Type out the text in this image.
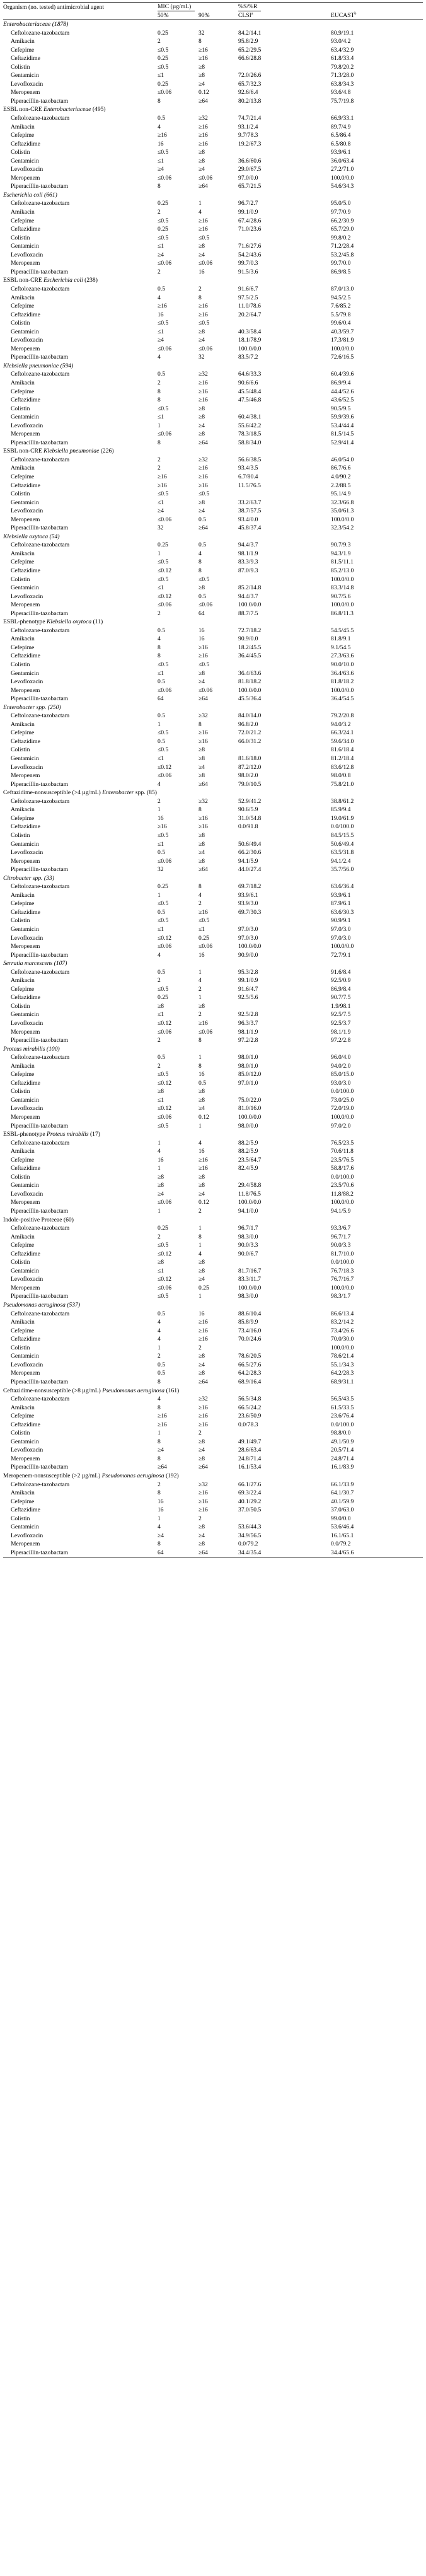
Organism (no. tested) antimicrobial agent	MIC (µg/mL)		%S/%R	
	50%	90%	CLSI$^a$	EUCAST$^b$
Enterobacteriaceae (1878)				
Ceftolozane-tazobactam	0.25	32	84.2/14.1	80.9/19.1
Amikacin	2	8	95.8/2.9	93.0/4.2
Cefepime	≤0.5	≥16	65.2/29.5	63.4/32.9
Ceftazidime	0.25	≥16	66.6/28.8	61.8/33.4
Colistin	≤0.5	≥8		79.8/20.2
Gentamicin	≤1	≥8	72.0/26.6	71.3/28.0
Levofloxacin	0.25	≥4	65.7/32.3	63.8/34.3
Meropenem	≤0.06	0.12	92.6/6.4	93.6/4.8
Piperacillin-tazobactam	8	≥64	80.2/13.8	75.7/19.8
ESBL non-CRE Enterobacteriaceae (495)				
Ceftolozane-tazobactam	0.5	≥32	74.7/21.4	66.9/33.1
Amikacin	4	≥16	93.1/2.4	89.7/4.9
Cefepime	≥16	≥16	9.7/78.3	6.5/86.4
Ceftazidime	16	≥16	19.2/67.3	6.5/80.8
Colistin	≤0.5	≥8		93.9/6.1
Gentamicin	≤1	≥8	36.6/60.6	36.0/63.4
Levofloxacin	≥4	≥4	29.0/67.5	27.2/71.0
Meropenem	≤0.06	≤0.06	97.0/0.0	100.0/0.0
Piperacillin-tazobactam	8	≥64	65.7/21.5	54.6/34.3
Escherichia coli (661)				
Ceftolozane-tazobactam	0.25	1	96.7/2.7	95.0/5.0
Amikacin	2	4	99.1/0.9	97.7/0.9
Cefepime	≤0.5	≥16	67.4/28.6	66.2/30.9
Ceftazidime	0.25	≥16	71.0/23.6	65.7/29.0
Colistin	≤0.5	≤0.5		99.8/0.2
Gentamicin	≤1	≥8	71.6/27.6	71.2/28.4
Levofloxacin	≥4	≥4	54.2/43.6	53.2/45.8
Meropenem	≤0.06	≤0.06	99.7/0.3	99.7/0.0
Piperacillin-tazobactam	2	16	91.5/3.6	86.9/8.5
ESBL non-CRE Escherichia coli (238)				
Ceftolozane-tazobactam	0.5	2	91.6/6.7	87.0/13.0
Amikacin	4	8	97.5/2.5	94.5/2.5
Cefepime	≥16	≥16	11.0/78.6	7.6/85.2
Ceftazidime	16	≥16	20.2/64.7	5.5/79.8
Colistin	≤0.5	≤0.5		99.6/0.4
Gentamicin	≤1	≥8	40.3/58.4	40.3/59.7
Levofloxacin	≥4	≥4	18.1/78.9	17.3/81.9
Meropenem	≤0.06	≤0.06	100.0/0.0	100.0/0.0
Piperacillin-tazobactam	4	32	83.5/7.2	72.6/16.5
Klebsiella pneumoniae (594)				
Ceftolozane-tazobactam	0.5	≥32	64.6/33.3	60.4/39.6
Amikacin	2	≥16	90.6/6.6	86.9/9.4
Cefepime	8	≥16	45.5/48.4	44.4/52.6
Ceftazidime	8	≥16	47.5/46.8	43.6/52.5
Colistin	≤0.5	≥8		90.5/9.5
Gentamicin	≤1	≥8	60.4/38.1	59.9/39.6
Levofloxacin	1	≥4	55.6/42.2	53.4/44.4
Meropenem	≤0.06	≥8	78.3/18.5	81.5/14.5
Piperacillin-tazobactam	8	≥64	58.8/34.0	52.9/41.4
ESBL non-CRE Klebsiella pneumoniae (226)				
Ceftolozane-tazobactam	2	≥32	56.6/38.5	46.0/54.0
Amikacin	2	≥16	93.4/3.5	86.7/6.6
Cefepime	≥16	≥16	6.7/80.4	4.0/90.2
Ceftazidime	≥16	≥16	11.5/76.5	2.2/88.5
Colistin	≤0.5	≤0.5		95.1/4.9
Gentamicin	≤1	≥8	33.2/63.7	32.3/66.8
Levofloxacin	≥4	≥4	38.7/57.5	35.0/61.3
Meropenem	≤0.06	0.5	93.4/0.0	100.0/0.0
Piperacillin-tazobactam	32	≥64	45.8/37.4	32.3/54.2
Klebsiella oxytoca (54)				
Ceftolozane-tazobactam	0.25	0.5	94.4/3.7	90.7/9.3
Amikacin	1	4	98.1/1.9	94.3/1.9
Cefepime	≤0.5	8	83.3/9.3	81.5/11.1
Ceftazidime	≤0.12	8	87.0/9.3	85.2/13.0
Colistin	≤0.5	≤0.5		100.0/0.0
Gentamicin	≤1	≥8	85.2/14.8	83.3/14.8
Levofloxacin	≤0.12	0.5	94.4/3.7	90.7/5.6
Meropenem	≤0.06	≤0.06	100.0/0.0	100.0/0.0
Piperacillin-tazobactam	2	64	88.7/7.5	86.8/11.3
ESBL-phenotype Klebsiella oxytoca (11)				
Ceftolozane-tazobactam	0.5	16	72.7/18.2	54.5/45.5
Amikacin	4	16	90.9/0.0	81.8/9.1
Cefepime	8	≥16	18.2/45.5	9.1/54.5
Ceftazidime	8	≥16	36.4/45.5	27.3/63.6
Colistin	≤0.5	≤0.5		90.0/10.0
Gentamicin	≤1	≥8	36.4/63.6	36.4/63.6
Levofloxacin	0.5	≥4	81.8/18.2	81.8/18.2
Meropenem	≤0.06	≤0.06	100.0/0.0	100.0/0.0
Piperacillin-tazobactam	64	≥64	45.5/36.4	36.4/54.5
Enterobacter spp. (250)				
Ceftolozane-tazobactam	0.5	≥32	84.0/14.0	79.2/20.8
Amikacin	1	8	96.8/2.0	94.0/3.2
Cefepime	≤0.5	≥16	72.0/21.2	66.3/24.1
Ceftazidime	0.5	≥16	66.0/31.2	59.6/34.0
Colistin	≤0.5	≥8		81.6/18.4
Gentamicin	≤1	≥8	81.6/18.0	81.2/18.4
Levofloxacin	≤0.12	≥4	87.2/12.0	83.6/12.8
Meropenem	≤0.06	≥8	98.0/2.0	98.0/0.8
Piperacillin-tazobactam	4	≥64	79.0/10.5	75.8/21.0
Ceftazidime-nonsusceptible (>4 µg/mL) Enterobacter spp. (85)				
Ceftolozane-tazobactam	2	≥32	52.9/41.2	38.8/61.2
Amikacin	1	8	90.6/5.9	85.9/9.4
Cefepime	16	≥16	31.0/54.8	19.0/61.9
Ceftazidime	≥16	≥16	0.0/91.8	0.0/100.0
Colistin	≤0.5	≥8		84.5/15.5
Gentamicin	≤1	≥8	50.6/49.4	50.6/49.4
Levofloxacin	0.5	≥4	66.2/30.6	63.5/31.8
Meropenem	≤0.06	≥8	94.1/5.9	94.1/2.4
Piperacillin-tazobactam	32	≥64	44.0/27.4	35.7/56.0
Citrobacter spp. (33)				
Ceftolozane-tazobactam	0.25	8	69.7/18.2	63.6/36.4
Amikacin	1	4	93.9/6.1	93.9/6.1
Cefepime	≤0.5	2	93.9/3.0	87.9/6.1
Ceftazidime	0.5	≥16	69.7/30.3	63.6/30.3
Colistin	≤0.5	≤0.5		90.9/9.1
Gentamicin	≤1	≤1	97.0/3.0	97.0/3.0
Levofloxacin	≤0.12	0.25	97.0/3.0	97.0/3.0
Meropenem	≤0.06	≤0.06	100.0/0.0	100.0/0.0
Piperacillin-tazobactam	4	16	90.9/0.0	72.7/9.1
Serratia marcescens (107)				
Ceftolozane-tazobactam	0.5	1	95.3/2.8	91.6/8.4
Amikacin	2	4	99.1/0.9	92.5/0.9
Cefepime	≤0.5	2	91.6/4.7	86.9/8.4
Ceftazidime	0.25	1	92.5/5.6	90.7/7.5
Colistin	≥8	≥8		1.9/98.1
Gentamicin	≤1	2	92.5/2.8	92.5/7.5
Levofloxacin	≤0.12	≥16	96.3/3.7	92.5/3.7
Meropenem	≤0.06	≤0.06	98.1/1.9	98.1/1.9
Piperacillin-tazobactam	2	8	97.2/2.8	97.2/2.8
Proteus mirabilis (100)				
Ceftolozane-tazobactam	0.5	1	98.0/1.0	96.0/4.0
Amikacin	2	8	98.0/1.0	94.0/2.0
Cefepime	≤0.5	16	85.0/12.0	85.0/15.0
Ceftazidime	≤0.12	0.5	97.0/1.0	93.0/3.0
Colistin	≥8	≥8		0.0/100.0
Gentamicin	≤1	≥8	75.0/22.0	73.0/25.0
Levofloxacin	≤0.12	≥4	81.0/16.0	72.0/19.0
Meropenem	≤0.06	0.12	100.0/0.0	100.0/0.0
Piperacillin-tazobactam	≤0.5	1	98.0/0.0	97.0/2.0
ESBL-phenotype Proteus mirabilis (17)				
Ceftolozane-tazobactam	1	4	88.2/5.9	76.5/23.5
Amikacin	4	16	88.2/5.9	70.6/11.8
Cefepime	16	≥16	23.5/64.7	23.5/76.5
Ceftazidime	1	≥16	82.4/5.9	58.8/17.6
Colistin	≥8	≥8		0.0/100.0
Gentamicin	≥8	≥8	29.4/58.8	23.5/70.6
Levofloxacin	≥4	≥4	11.8/76.5	11.8/88.2
Meropenem	≤0.06	0.12	100.0/0.0	100.0/0.0
Piperacillin-tazobactam	1	2	94.1/0.0	94.1/5.9
Indole-positive Proteeae (60)				
Ceftolozane-tazobactam	0.25	1	96.7/1.7	93.3/6.7
Amikacin	2	8	98.3/0.0	96.7/1.7
Cefepime	≤0.5	1	90.0/3.3	90.0/3.3
Ceftazidime	≤0.12	4	90.0/6.7	81.7/10.0
Colistin	≥8	≥8		0.0/100.0
Gentamicin	≤1	≥8	81.7/16.7	76.7/18.3
Levofloxacin	≤0.12	≥4	83.3/11.7	76.7/16.7
Meropenem	≤0.06	0.25	100.0/0.0	100.0/0.0
Piperacillin-tazobactam	≤0.5	1	98.3/0.0	98.3/1.7
Pseudomonas aeruginosa (537)				
Ceftolozane-tazobactam	0.5	16	88.6/10.4	86.6/13.4
Amikacin	4	≥16	85.8/9.9	83.2/14.2
Cefepime	4	≥16	73.4/16.0	73.4/26.6
Ceftazidime	4	≥16	70.0/24.6	70.0/30.0
Colistin	1	2		100.0/0.0
Gentamicin	2	≥8	78.6/20.5	78.6/21.4
Levofloxacin	0.5	≥4	66.5/27.6	55.1/34.3
Meropenem	0.5	≥8	64.2/28.3	64.2/28.3
Piperacillin-tazobactam	8	≥64	68.9/16.4	68.9/31.1
Ceftazidime-nonsusceptible (>8 µg/mL) Pseudomonas aeruginosa (161)				
Ceftolozane-tazobactam	4	≥32	56.5/34.8	56.5/43.5
Amikacin	8	≥16	66.5/24.2	61.5/33.5
Cefepime	≥16	≥16	23.6/50.9	23.6/76.4
Ceftazidime	≥16	≥16	0.0/78.3	0.0/100.0
Colistin	1	2		98.8/0.0
Gentamicin	8	≥8	49.1/49.7	49.1/50.9
Levofloxacin	≥4	≥4	28.6/63.4	20.5/71.4
Meropenem	8	≥8	24.8/71.4	24.8/71.4
Piperacillin-tazobactam	≥64	≥64	16.1/53.4	16.1/83.9
Meropenem-nonsusceptible (>2 µg/mL) Pseudomonas aeruginosa (192)				
Ceftolozane-tazobactam	2	≥32	66.1/27.6	66.1/33.9
Amikacin	8	≥16	69.3/22.4	64.1/30.7
Cefepime	16	≥16	40.1/29.2	40.1/59.9
Ceftazidime	16	≥16	37.0/50.5	37.0/63.0
Colistin	1	2		99.0/0.0
Gentamicin	4	≥8	53.6/44.3	53.6/46.4
Levofloxacin	≥4	≥4	34.9/56.5	16.1/65.1
Meropenem	8	≥8	0.0/79.2	0.0/79.2
Piperacillin-tazobactam	64	≥64	34.4/35.4	34.4/65.6
